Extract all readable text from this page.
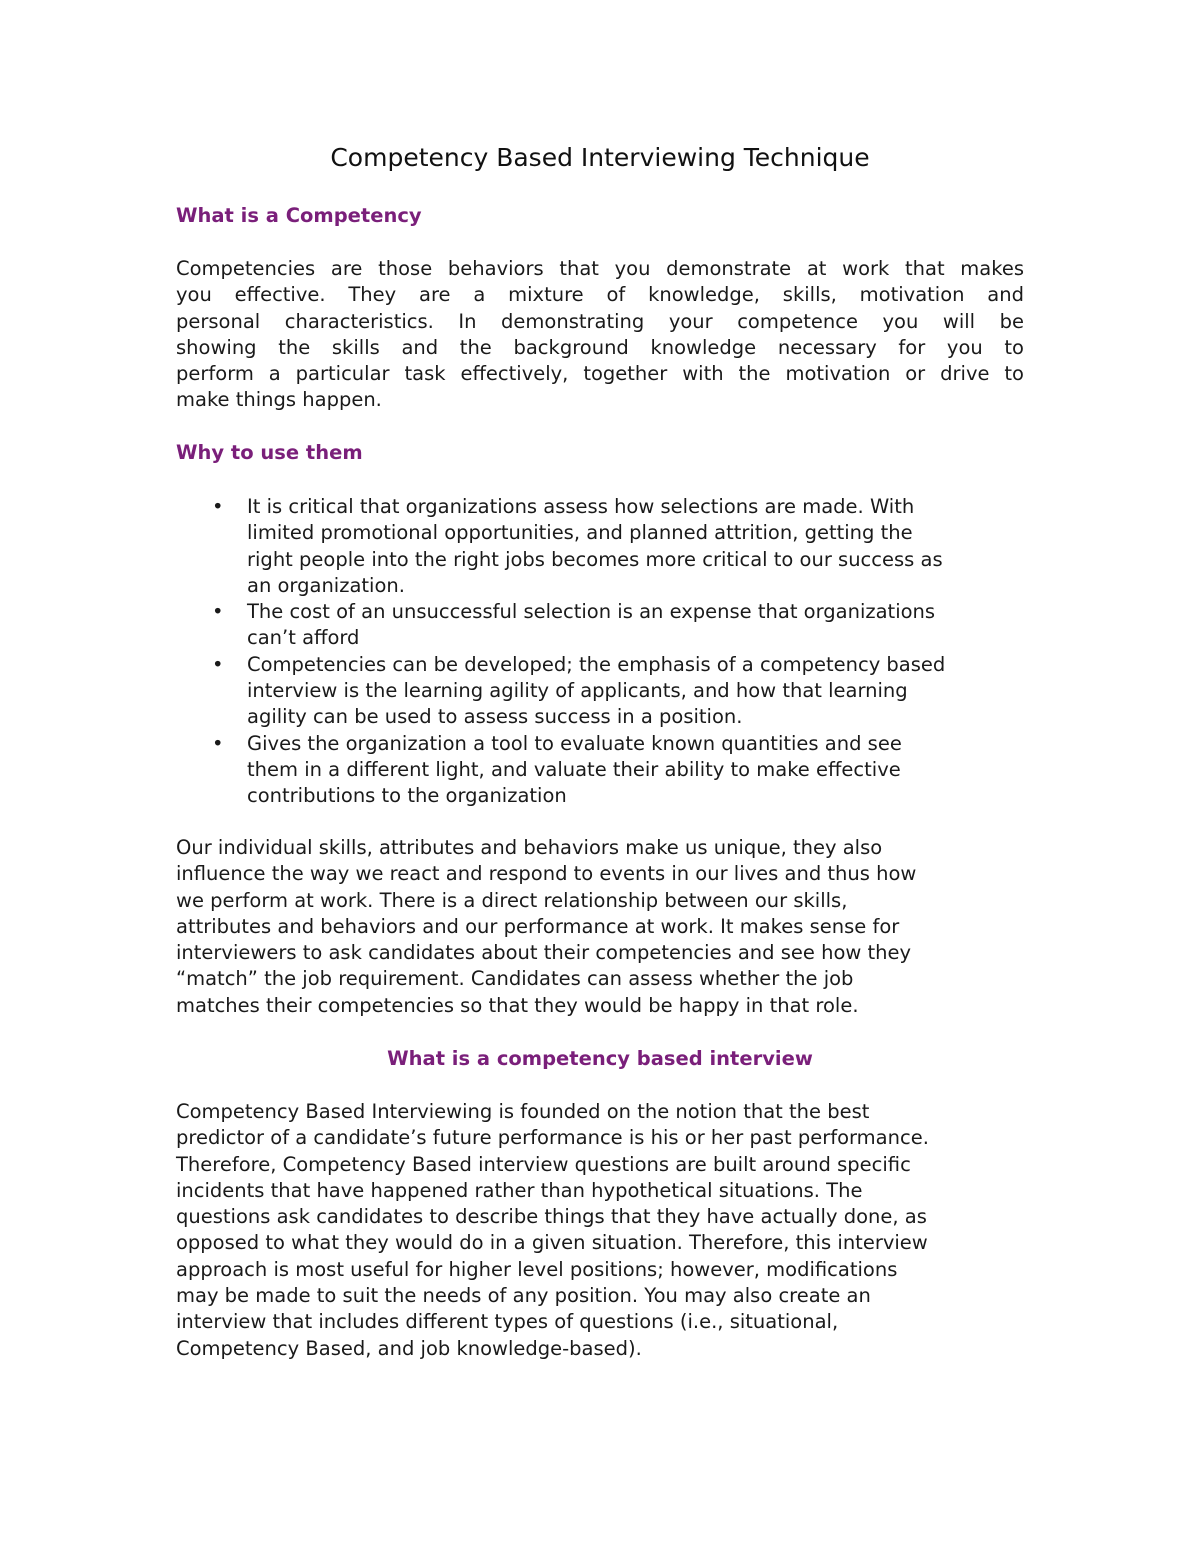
Competency Based Interviewing Technique
What is a Competency

Competencies are those behaviors that you demonstrate at work that makes
you effective. They are a mixture of knowledge, skills, motivation and
personal characteristics. In demonstrating your competence you will be
showing the skills and the background knowledge necessary for you to
perform a particular task effectively, together with the motivation or drive to
make things happen.

Why to use them
• It is critical that organizations assess how selections are made. With
limited promotional opportunities, and planned attrition, getting the
right people into the right jobs becomes more critical to our success as
an organization.
• The cost of an unsuccessful selection is an expense that organizations
can’t afford
• Competencies can be developed; the emphasis of a competency based
interview is the learning agility of applicants, and how that learning
agility can be used to assess success in a position.
• Gives the organization a tool to evaluate known quantities and see
them in a different light, and valuate their ability to make effective
contributions to the organization

Our individual skills, attributes and behaviors make us unique, they also
influence the way we react and respond to events in our lives and thus how
we perform at work. There is a direct relationship between our skills,
attributes and behaviors and our performance at work. It makes sense for
interviewers to ask candidates about their competencies and see how they
“match” the job requirement. Candidates can assess whether the job
matches their competencies so that they would be happy in that role.

What is a competency based interview

Competency Based Interviewing is founded on the notion that the best
predictor of a candidate’s future performance is his or her past performance.
Therefore, Competency Based interview questions are built around specific
incidents that have happened rather than hypothetical situations. The
questions ask candidates to describe things that they have actually done, as
opposed to what they would do in a given situation. Therefore, this interview
approach is most useful for higher level positions; however, modifications
may be made to suit the needs of any position. You may also create an
interview that includes different types of questions (i.e., situational,
Competency Based, and job knowledge-based).
